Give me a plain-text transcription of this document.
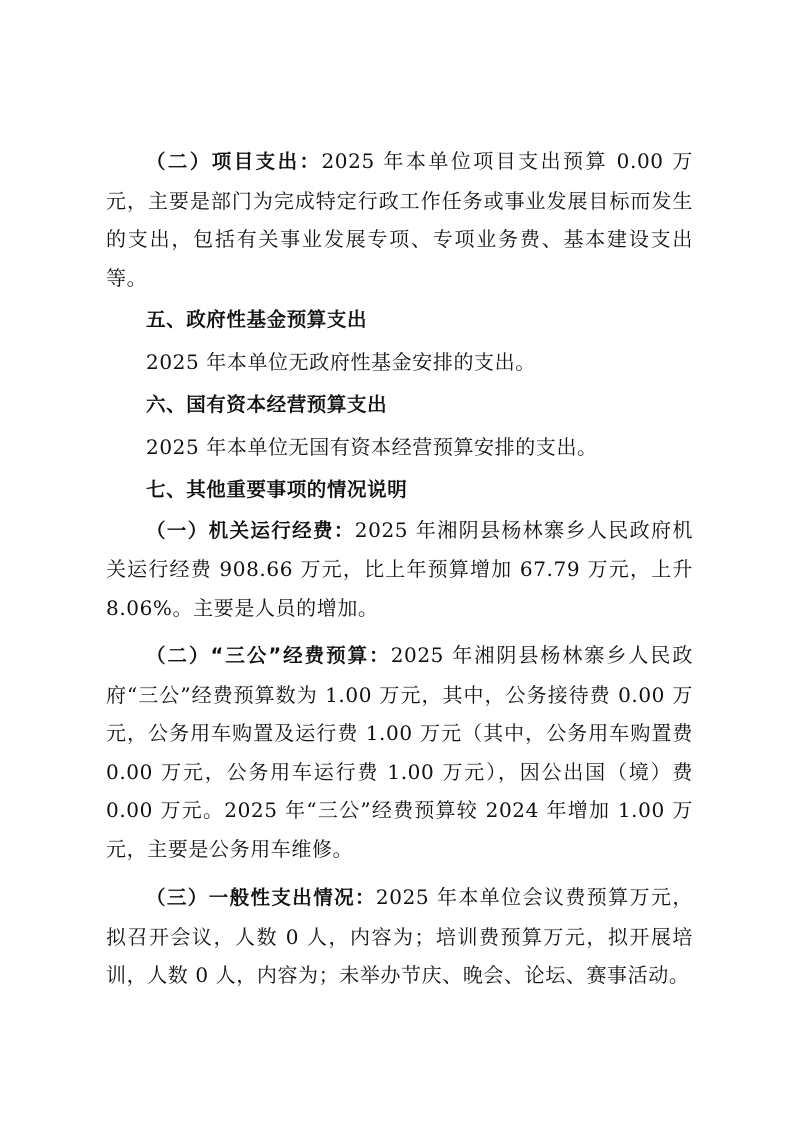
（二）项目支出：2025 年本单位项目支出预算 0.00 万元，主要是部门为完成特定行政工作任务或事业发展目标而发生的支出，包括有关事业发展专项、专项业务费、基本建设支出等。

五、政府性基金预算支出

2025 年本单位无政府性基金安排的支出。

六、国有资本经营预算支出

2025 年本单位无国有资本经营预算安排的支出。

七、其他重要事项的情况说明

（一）机关运行经费：2025 年湘阴县杨林寨乡人民政府机关运行经费 908.66 万元，比上年预算增加 67.79 万元，上升 8.06%。主要是人员的增加。

（二）“三公”经费预算：2025 年湘阴县杨林寨乡人民政府“三公”经费预算数为 1.00 万元，其中，公务接待费 0.00 万元，公务用车购置及运行费 1.00 万元（其中，公务用车购置费 0.00 万元，公务用车运行费 1.00 万元），因公出国（境）费 0.00 万元。2025 年“三公”经费预算较 2024 年增加 1.00 万元，主要是公务用车维修。

（三）一般性支出情况：2025 年本单位会议费预算万元，拟召开会议，人数 0 人，内容为；培训费预算万元，拟开展培训，人数 0 人，内容为；未举办节庆、晚会、论坛、赛事活动。
